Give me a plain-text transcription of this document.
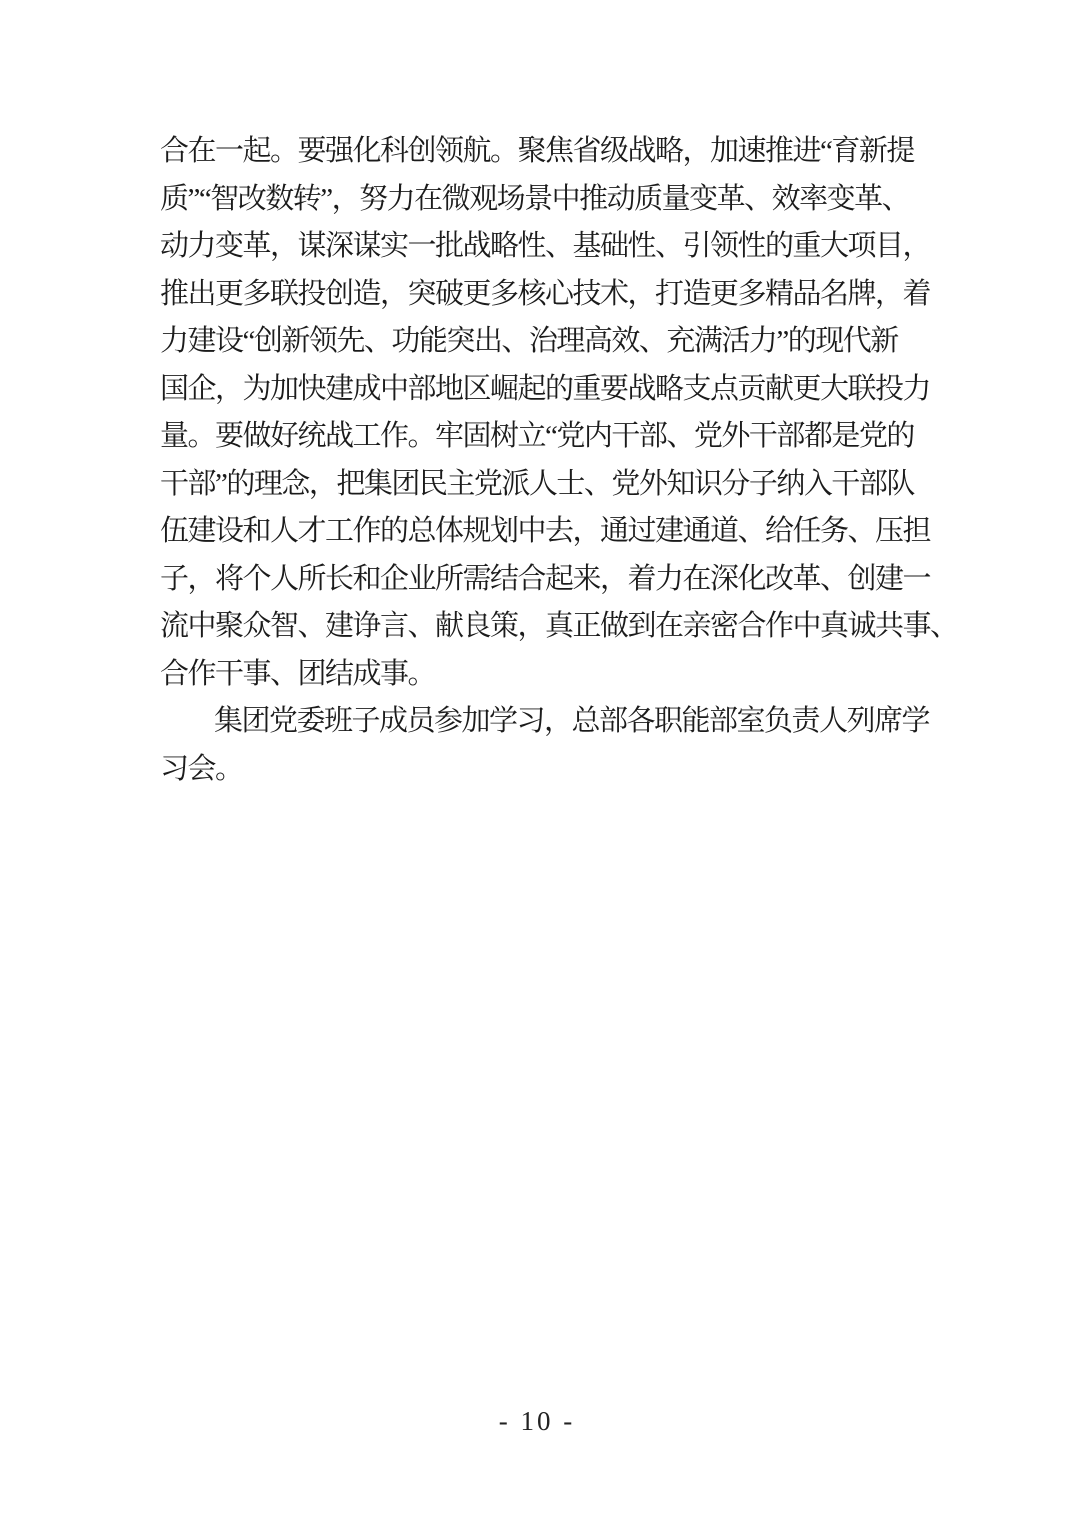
合在一起。要强化科创领航。聚焦省级战略，加速推进“育新提
质”“智改数转”，努力在微观场景中推动质量变革、效率变革、
动力变革，谋深谋实一批战略性、基础性、引领性的重大项目，
推出更多联投创造，突破更多核心技术，打造更多精品名牌，着
力建设“创新领先、功能突出、治理高效、充满活力”的现代新
国企，为加快建成中部地区崛起的重要战略支点贡献更大联投力
量。要做好统战工作。牢固树立“党内干部、党外干部都是党的
干部”的理念，把集团民主党派人士、党外知识分子纳入干部队
伍建设和人才工作的总体规划中去，通过建通道、给任务、压担
子，将个人所长和企业所需结合起来，着力在深化改革、创建一
流中聚众智、建诤言、献良策，真正做到在亲密合作中真诚共事、
合作干事、团结成事。
集团党委班子成员参加学习，总部各职能部室负责人列席学
习会。
- 10 -
